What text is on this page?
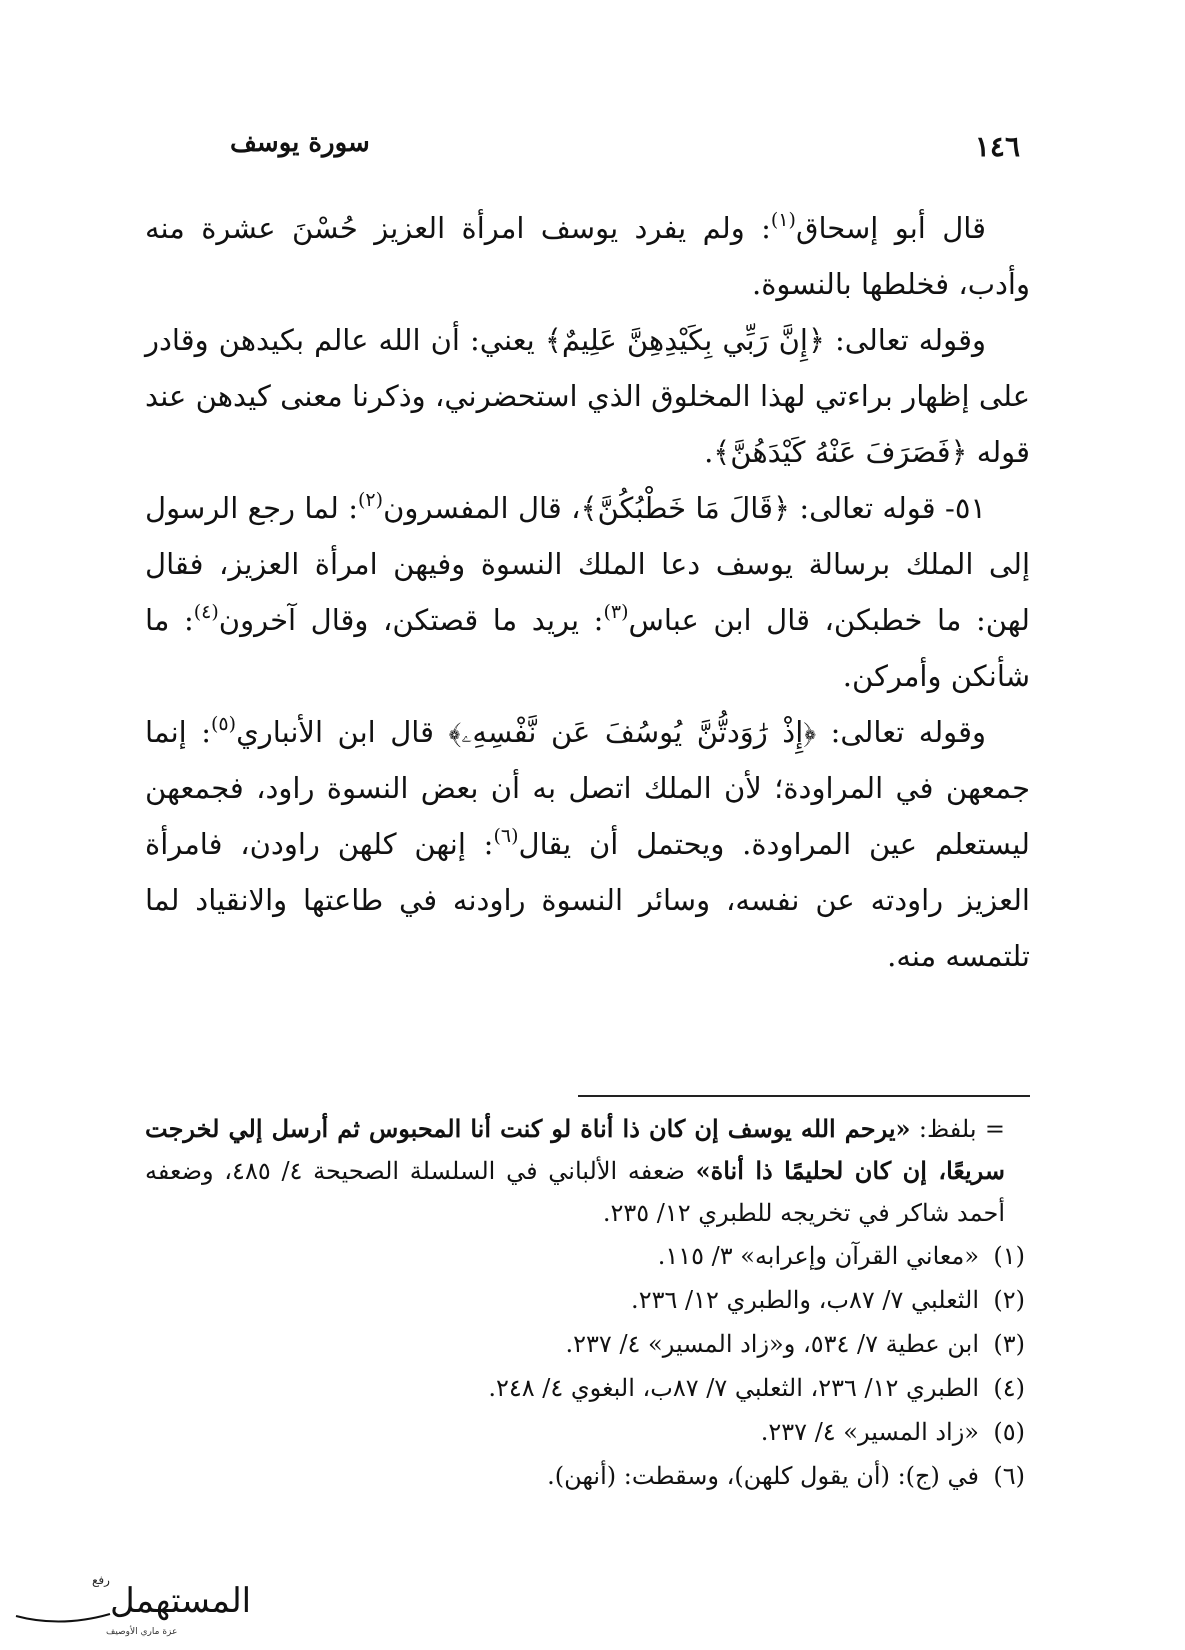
١٤٦
سورة يوسف

قال أبو إسحاق$^{(١)}$: ولم يفرد يوسف امرأة العزيز حُسْنَ عشرة منه وأدب، فخلطها بالنسوة.

وقوله تعالى: ﴿إِنَّ رَبِّي بِكَيْدِهِنَّ عَلِيمٌ﴾ يعني: أن الله عالم بكيدهن وقادر على إظهار براءتي لهذا المخلوق الذي استحضرني، وذكرنا معنى كيدهن عند قوله ﴿فَصَرَفَ عَنْهُ كَيْدَهُنَّ﴾.

٥١- قوله تعالى: ﴿قَالَ مَا خَطْبُكُنَّ﴾، قال المفسرون$^{(٢)}$: لما رجع الرسول إلى الملك برسالة يوسف دعا الملك النسوة وفيهن امرأة العزيز، فقال لهن: ما خطبكن، قال ابن عباس$^{(٣)}$: يريد ما قصتكن، وقال آخرون$^{(٤)}$: ما شأنكن وأمركن.

وقوله تعالى: ﴿إِذْ رَٰوَدتُّنَّ يُوسُفَ عَن نَّفْسِهِۦ﴾ قال ابن الأنباري$^{(٥)}$: إنما جمعهن في المراودة؛ لأن الملك اتصل به أن بعض النسوة راود، فجمعهن ليستعلم عين المراودة. ويحتمل أن يقال$^{(٦)}$: إنهن كلهن راودن، فامرأة العزيز راودته عن نفسه، وسائر النسوة راودنه في طاعتها والانقياد لما تلتمسه منه.

= بلفظ: «يرحم الله يوسف إن كان ذا أناة لو كنت أنا المحبوس ثم أرسل إلي لخرجت سريعًا، إن كان لحليمًا ذا أناة» ضعفه الألباني في السلسلة الصحيحة ٤/ ٤٨٥، وضعفه أحمد شاكر في تخريجه للطبري ١٢/ ٢٣٥.

(١)
«معاني القرآن وإعرابه» ٣/ ١١٥.

(٢)
الثعلبي ٧/ ٨٧ب، والطبري ١٢/ ٢٣٦.

(٣)
ابن عطية ٧/ ٥٣٤، و«زاد المسير» ٤/ ٢٣٧.

(٤)
الطبري ١٢/ ٢٣٦، الثعلبي ٧/ ٨٧ب، البغوي ٤/ ٢٤٨.

(٥)
«زاد المسير» ٤/ ٢٣٧.

(٦)
في (ج): (أن يقول كلهن)، وسقطت: (أنهن).

رفع
المستهمل
عزة ماري الأوصيف
